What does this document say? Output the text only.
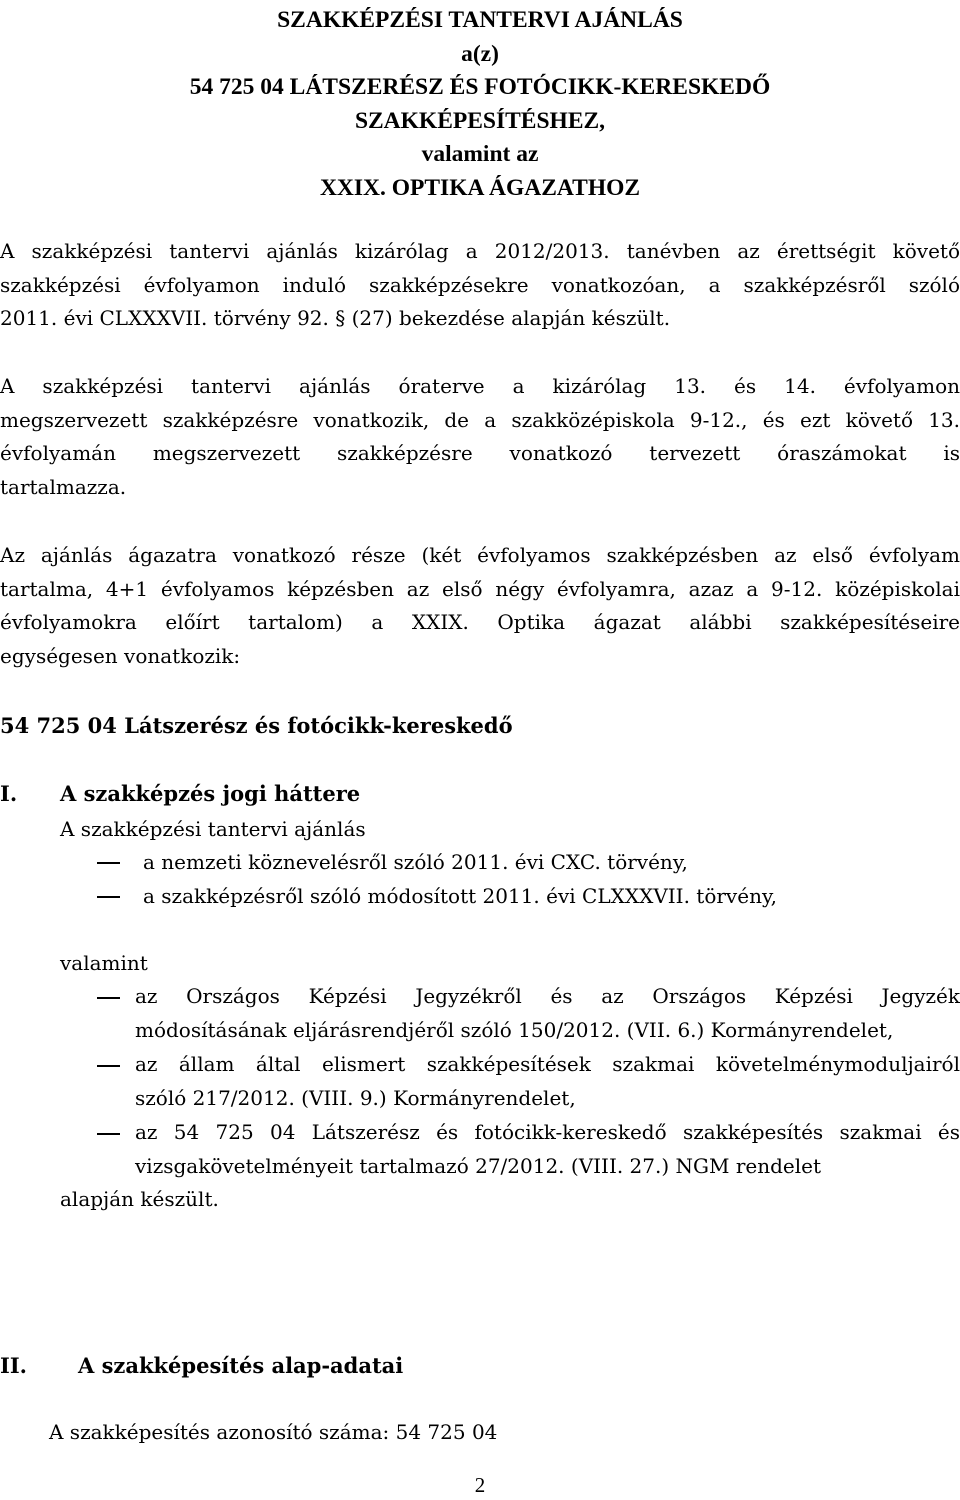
SZAKKÉPZÉSI TANTERVI AJÁNLÁS
a(z)
54 725 04 LÁTSZERÉSZ ÉS FOTÓCIKK-KERESKEDŐ
SZAKKÉPESÍTÉSHEZ,
valamint az
XXIX. OPTIKA ÁGAZATHOZ
A szakképzési tantervi ajánlás kizárólag a 2012/2013. tanévben az érettségit követő
szakképzési évfolyamon induló szakképzésekre vonatkozóan, a szakképzésről szóló
2011. évi CLXXXVII. törvény 92. § (27) bekezdése alapján készült.
A szakképzési tantervi ajánlás óraterve a kizárólag 13. és 14. évfolyamon
megszervezett szakképzésre vonatkozik, de a szakközépiskola 9-12., és ezt követő 13.
évfolyamán megszervezett szakképzésre vonatkozó tervezett óraszámokat is
tartalmazza.
Az ajánlás ágazatra vonatkozó része (két évfolyamos szakképzésben az első évfolyam
tartalma, 4+1 évfolyamos képzésben az első négy évfolyamra, azaz a 9-12. középiskolai
évfolyamokra előírt tartalom) a XXIX. Optika ágazat alábbi szakképesítéseire
egységesen vonatkozik:
54 725 04 Látszerész és fotócikk-kereskedő
I. A szakképzés jogi háttere
A szakképzési tantervi ajánlás
a nemzeti köznevelésről szóló 2011. évi CXC. törvény,
a szakképzésről szóló módosított 2011. évi CLXXXVII. törvény,
valamint
az Országos Képzési Jegyzékről és az Országos Képzési Jegyzék
módosításának eljárásrendjéről szóló 150/2012. (VII. 6.) Kormányrendelet,
az állam által elismert szakképesítések szakmai követelménymoduljairól
szóló 217/2012. (VIII. 9.) Kormányrendelet,
az 54 725 04 Látszerész és fotócikk-kereskedő szakképesítés szakmai és
vizsgakövetelményeit tartalmazó 27/2012. (VIII. 27.) NGM rendelet
alapján készült.
II. A szakképesítés alap-adatai
A szakképesítés azonosító száma: 54 725 04
2
